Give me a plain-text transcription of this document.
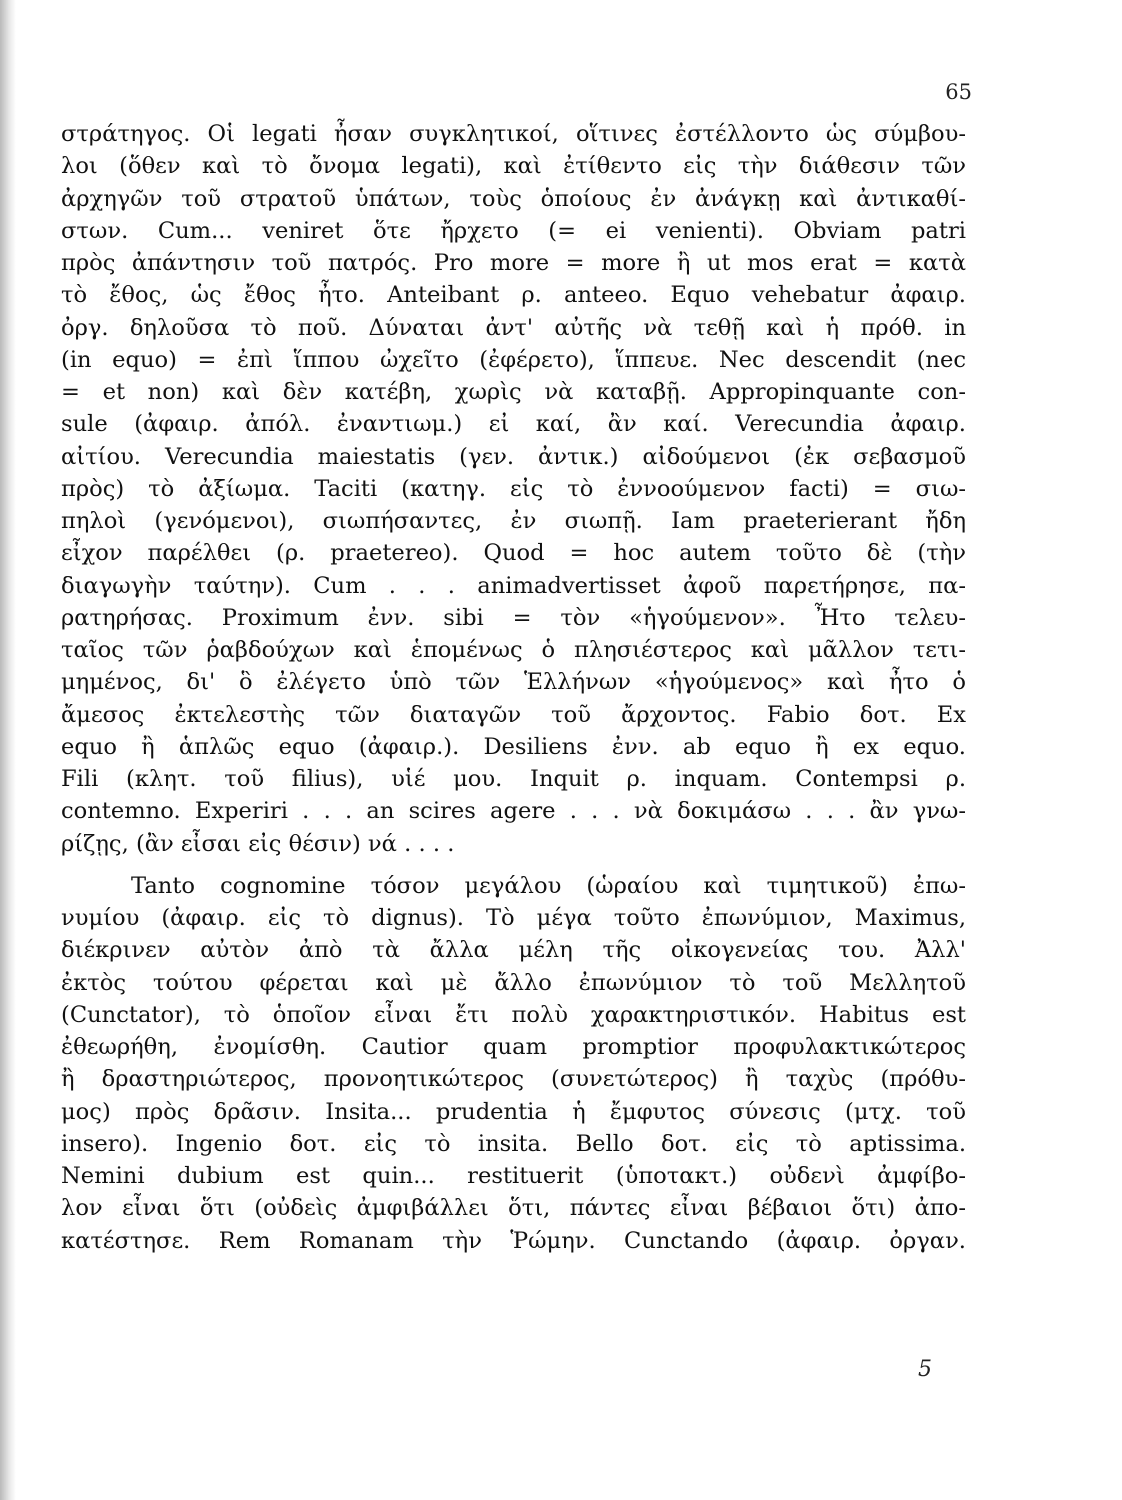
65
στράτηγος. Οἱ legati ἦσαν συγκλητικοί, οἵτινες ἐστέλλοντο ὡς σύμβου-
λοι (ὅθεν καὶ τὸ ὄνομα legati), καὶ ἐτίθεντο εἰς τὴν διάθεσιν τῶν
ἀρχηγῶν τοῦ στρατοῦ ὑπάτων, τοὺς ὁποίους ἐν ἀνάγκῃ καὶ ἀντικαθί-
στων. Cum... veniret ὅτε ἤρχετο (= ei venienti). Obviam patri
πρὸς ἀπάντησιν τοῦ πατρός. Pro more = more ἢ ut mos erat = κατὰ
τὸ ἔθος, ὡς ἔθος ἦτο. Anteibant ρ. anteeo. Equo vehebatur ἀφαιρ.
ὀργ. δηλοῦσα τὸ ποῦ. Δύναται ἀντ' αὐτῆς νὰ τεθῇ καὶ ἡ πρόθ. in
(in equo) = ἐπὶ ἵππου ὠχεῖτο (ἐφέρετο), ἵππευε. Nec descendit (nec
= et non) καὶ δὲν κατέβη, χωρὶς νὰ καταβῇ. Appropinquante con-
sule (ἀφαιρ. ἀπόλ. ἐναντιωμ.) εἰ καί, ἂν καί. Verecundia ἀφαιρ.
αἰτίου. Verecundia maiestatis (γεν. ἀντικ.) αἰδούμενοι (ἐκ σεβασμοῦ
πρὸς) τὸ ἀξίωμα. Taciti (κατηγ. εἰς τὸ ἐννοούμενον facti) = σιω-
πηλοὶ (γενόμενοι), σιωπήσαντες, ἐν σιωπῇ. Iam praeterierant ἤδη
εἶχον παρέλθει (ρ. praetereo). Quod = hoc autem τοῦτο δὲ (τὴν
διαγωγὴν ταύτην). Cum . . . animadvertisset ἀφοῦ παρετήρησε, πα-
ρατηρήσας. Proximum ἐνν. sibi = τὸν «ἡγούμενον». Ἦτο τελευ-
ταῖος τῶν ῥαβδούχων καὶ ἑπομένως ὁ πλησιέστερος καὶ μᾶλλον τετι-
μημένος, δι' ὃ ἐλέγετο ὑπὸ τῶν Ἑλλήνων «ἡγούμενος» καὶ ἦτο ὁ
ἄμεσος ἐκτελεστὴς τῶν διαταγῶν τοῦ ἄρχοντος. Fabio δοτ. Ex
equo ἢ ἁπλῶς equo (ἀφαιρ.). Desiliens ἐνν. ab equo ἢ ex equo.
Fili (κλητ. τοῦ filius), υἱέ μου. Inquit ρ. inquam. Contempsi ρ.
contemno. Experiri . . . an scires agere . . . νὰ δοκιμάσω . . . ἂν γνω-
ρίζῃς, (ἂν εἶσαι εἰς θέσιν) νά . . . .
Tanto cognomine τόσον μεγάλου (ὡραίου καὶ τιμητικοῦ) ἐπω-
νυμίου (ἀφαιρ. εἰς τὸ dignus). Τὸ μέγα τοῦτο ἐπωνύμιον, Maximus,
διέκρινεν αὐτὸν ἀπὸ τὰ ἄλλα μέλη τῆς οἰκογενείας του. Ἀλλ'
ἐκτὸς τούτου φέρεται καὶ μὲ ἄλλο ἐπωνύμιον τὸ τοῦ Μελλητοῦ
(Cunctator), τὸ ὁποῖον εἶναι ἔτι πολὺ χαρακτηριστικόν. Habitus est
ἐθεωρήθη, ἐνομίσθη. Cautior quam promptior προφυλακτικώτερος
ἢ δραστηριώτερος, προνοητικώτερος (συνετώτερος) ἢ ταχὺς (πρόθυ-
μος) πρὸς δρᾶσιν. Insita... prudentia ἡ ἔμφυτος σύνεσις (μτχ. τοῦ
insero). Ingenio δοτ. εἰς τὸ insita. Bello δοτ. εἰς τὸ aptissima.
Nemini dubium est quin... restituerit (ὑποτακτ.) οὐδενὶ ἀμφίβο-
λον εἶναι ὅτι (οὐδεὶς ἀμφιβάλλει ὅτι, πάντες εἶναι βέβαιοι ὅτι) ἀπο-
κατέστησε. Rem Romanam τὴν Ῥώμην. Cunctando (ἀφαιρ. ὀργαν.
5
